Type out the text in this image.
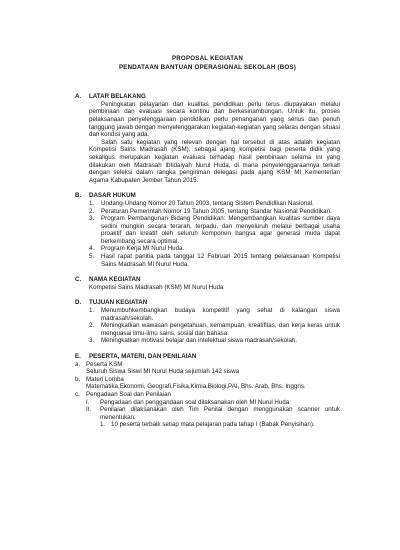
PROPOSAL KEGIATAN
PENDATAAN BANTUAN OPERASIONAL SEKOLAH (BOS)
A.	LATAR BELAKANG

Peningkatan pelayanan dan kualitas pendidikan perlu terus diupayakan melalui pembinaan dan evaluasi secara kontinu dan berkesinambungan. Untuk itu, proses pelaksanaan penyelenggaraan pendidikan perlu penanganan yang serius dan penuh tanggung jawab dengan menyelenggarakan kegiatan-kegiatan yang selaras dengan situasi dan kondisi yang ada.

Salah satu kegiatan yang relevan dengan hal tersebut di atas adalah kegiatan Kompetisi Sains Madrasah (KSM), sebagai ajang kompetisi bagi peserta didik yang sekaligus merupakan kegiatan evaluasi terhadap hasil pembinaan selama ini yang dilakukan oleh Madrasah Ibtidaiyah Nurul Huda, di mana penyelenggaraannya terkait dengan seleksi dalam rangka pengiriman delegasi pada ajang KSM MI Kementerian Agama Kabupaten Jember Tahun 2015.

B.	DASAR HUKUM
1.	Undang-Undang Nomor 20 Tahun 2003, tentang Sistem Pendidikan Nasional.
2.	Peraturan Pemerintah Nomor 19 Tahun 2005, tentang Standar Nasional Pendidikan.
3.	Program Pembangunan Bidang Pendidikan: Mengembangkan kualitas sumber daya sedini mungkin secara terarah, terpadu, dan menyeluruh melalui berbagai usaha proaktif dan kreatif oleh seluruh komponen bangsa agar generasi muda dapat berkembang secara optimal.
4.	Program Kerja MI Nurul Huda.
5.	Hasil rapat panitia pada tanggal 12 Februari 2015 tentang pelaksanaan Kompetisi Sains Madrasah MI Nurul Huda.
C.	NAMA KEGIATAN
Kompetisi Sains Madrasah (KSM) MI Nurul Huda
D.	TUJUAN KEGIATAN
1.	Menumbuhkembangkan budaya kompetitif yang sehat di kalangan siswa madrasah/sekolah.
2.	Meningkatkan wawasan pengetahuan, kemampuan, kreatifitas, dan kerja keras untuk menguasai ilmu-ilmu sains, sosial dan bahasa.
3.	Meningkatkan motivasi belajar dan intelektual siswa madrasah/sekolah.
E.	PESERTA, MATERI, DAN PENILAIAN
a. Peserta KSM
Seluruh Siswa Siswi MI Nurul Huda sejumlah 142 siswa
b. Materi Lomba
Matematika,Ekonomi, Geografi,Fisika,Kimia,Biologi,PAI, Bhs. Arab, Bhs. Inggris.
c. Pengadaan Soal dan Penilaian
I.	Pengadaan dan penggandaan soal dilaksanakan oleh MI Nurul Huda
II.	Penilaian dilaksanakan oleh Tim Penilai dengan menggunakan scanner untuk menentukan:
1. 10 peserta terbaik setiap mata pelajaran pada tahap I (Babak Penyisihan).
